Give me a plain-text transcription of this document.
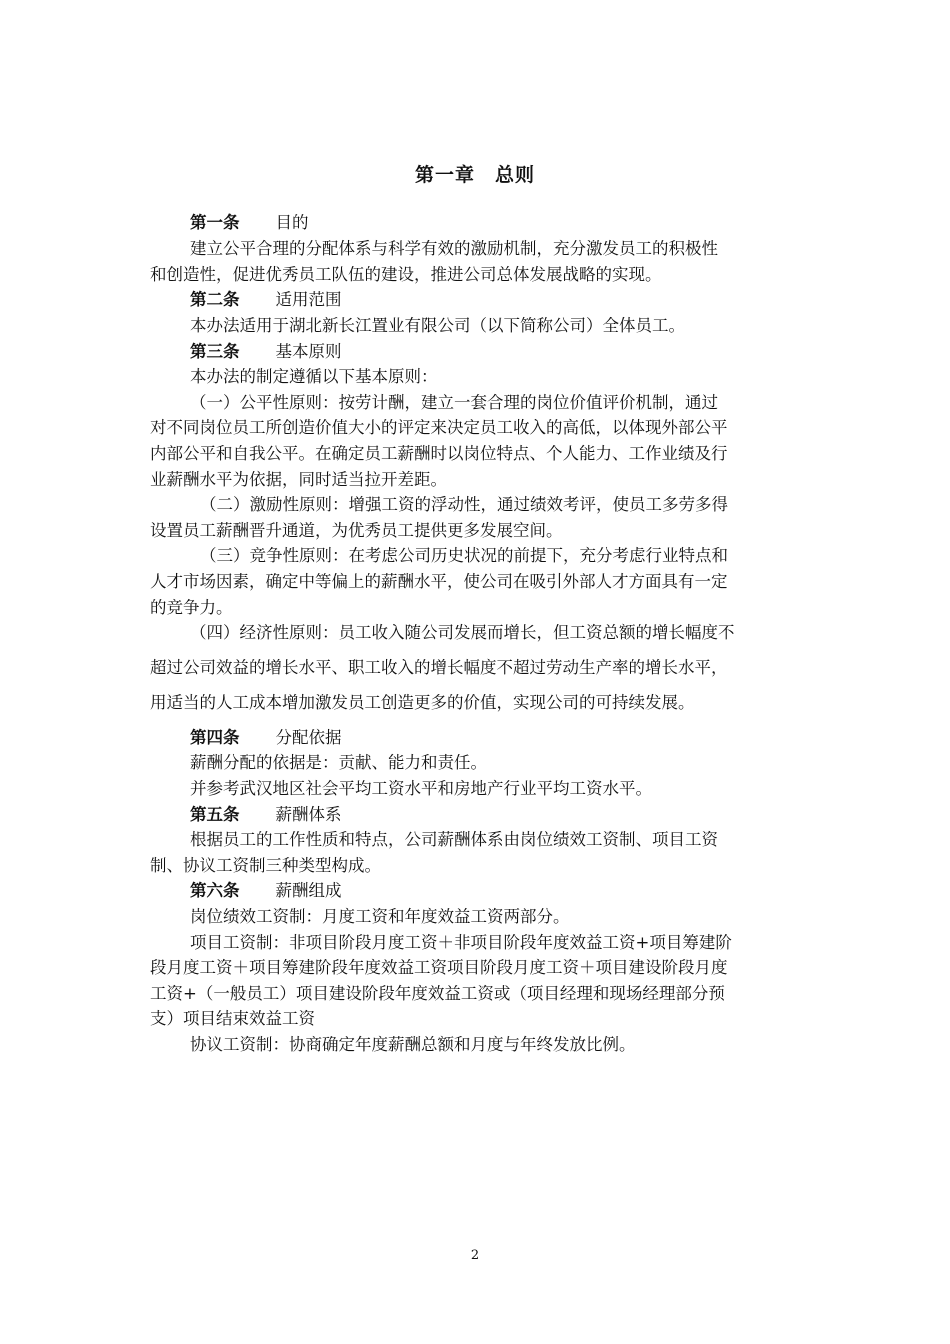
第一章　总则
第一条 目的
建立公平合理的分配体系与科学有效的激励机制，充分激发员工的积极性
和创造性，促进优秀员工队伍的建设，推进公司总体发展战略的实现。
第二条 适用范围
本办法适用于湖北新长江置业有限公司（以下简称公司）全体员工。
第三条 基本原则
本办法的制定遵循以下基本原则：
（一）公平性原则：按劳计酬，建立一套合理的岗位价值评价机制，通过
对不同岗位员工所创造价值大小的评定来决定员工收入的高低，以体现外部公平
内部公平和自我公平。在确定员工薪酬时以岗位特点、个人能力、工作业绩及行
业薪酬水平为依据，同时适当拉开差距。
（二）激励性原则：增强工资的浮动性，通过绩效考评，使员工多劳多得
设置员工薪酬晋升通道，为优秀员工提供更多发展空间。
（三）竞争性原则：在考虑公司历史状况的前提下，充分考虑行业特点和
人才市场因素，确定中等偏上的薪酬水平，使公司在吸引外部人才方面具有一定
的竞争力。
（四）经济性原则：员工收入随公司发展而增长，但工资总额的增长幅度不
超过公司效益的增长水平、职工收入的增长幅度不超过劳动生产率的增长水平，
用适当的人工成本增加激发员工创造更多的价值，实现公司的可持续发展。
第四条 分配依据
薪酬分配的依据是：贡献、能力和责任。
并参考武汉地区社会平均工资水平和房地产行业平均工资水平。
第五条 薪酬体系
根据员工的工作性质和特点，公司薪酬体系由岗位绩效工资制、项目工资
制、协议工资制三种类型构成。
第六条 薪酬组成
岗位绩效工资制：月度工资和年度效益工资两部分。
项目工资制：非项目阶段月度工资＋非项目阶段年度效益工资+项目筹建阶
段月度工资＋项目筹建阶段年度效益工资项目阶段月度工资＋项目建设阶段月度
工资+（一般员工）项目建设阶段年度效益工资或（项目经理和现场经理部分预
支）项目结束效益工资
协议工资制：协商确定年度薪酬总额和月度与年终发放比例。
2
